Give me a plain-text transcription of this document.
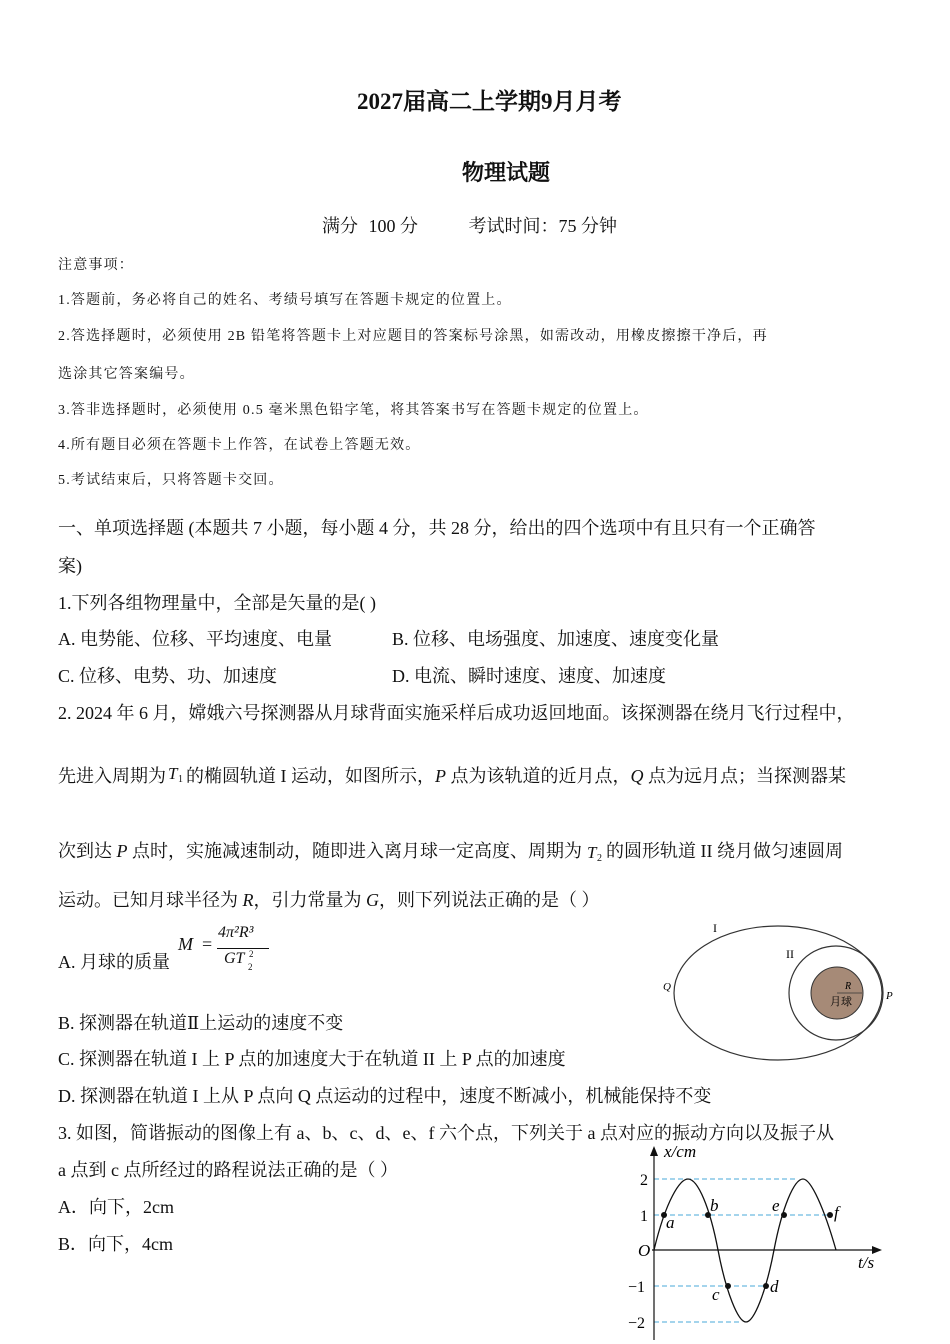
2027届高二上学期9月月考
物理试题
满分 100 分	考试时间：75 分钟
注意事项：
1.答题前，务必将自己的姓名、考绩号填写在答题卡规定的位置上。
2.答选择题时，必须使用 2B 铅笔将答题卡上对应题目的答案标号涂黑，如需改动，用橡皮擦擦干净后，再
选涂其它答案编号。
3.答非选择题时，必须使用 0.5 毫米黑色铅字笔，将其答案书写在答题卡规定的位置上。
4.所有题目必须在答题卡上作答，在试卷上答题无效。
5.考试结束后，只将答题卡交回。
一、单项选择题 (本题共 7 小题，每小题 4 分，共 28 分，给出的四个选项中有且只有一个正确答
案)
1.下列各组物理量中，全部是矢量的是( )
A. 电势能、位移、平均速度、电量	B. 位移、电场强度、加速度、速度变化量
C. 位移、电势、功、加速度	D. 电流、瞬时速度、速度、加速度
2. 2024 年 6 月，嫦娥六号探测器从月球背面实施采样后成功返回地面。该探测器在绕月飞行过程中，
先进入周期为 T 1 的椭圆轨道 I 运动，如图所示，P 点为该轨道的近月点，Q 点为远月点；当探测器某
次到达 P 点时，实施减速制动，随即进入离月球一定高度、周期为 T 2 的圆形轨道 II 绕月做匀速圆周
运动。已知月球半径为 R，引力常量为 G，则下列说法正确的是（ ）
A. 月球的质量
M =
4π²R³
GT 2
2
B. 探测器在轨道Ⅱ上运动的速度不变
C. 探测器在轨道 I 上 P 点的加速度大于在轨道 II 上 P 点的加速度
D. 探测器在轨道 I 上从 P 点向 Q 点运动的过程中，速度不断减小，机械能保持不变
I
II
Q
P
R
月球
3. 如图，简谐振动的图像上有 a、b、c、d、e、f 六个点，下列关于 a 点对应的振动方向以及振子从
a 点到 c 点所经过的路程说法正确的是（ ）
A．向下，2cm
B．向下，4cm
x/cm
t/s
O
2
1
−1
−2
a
b
c	d
e	f
